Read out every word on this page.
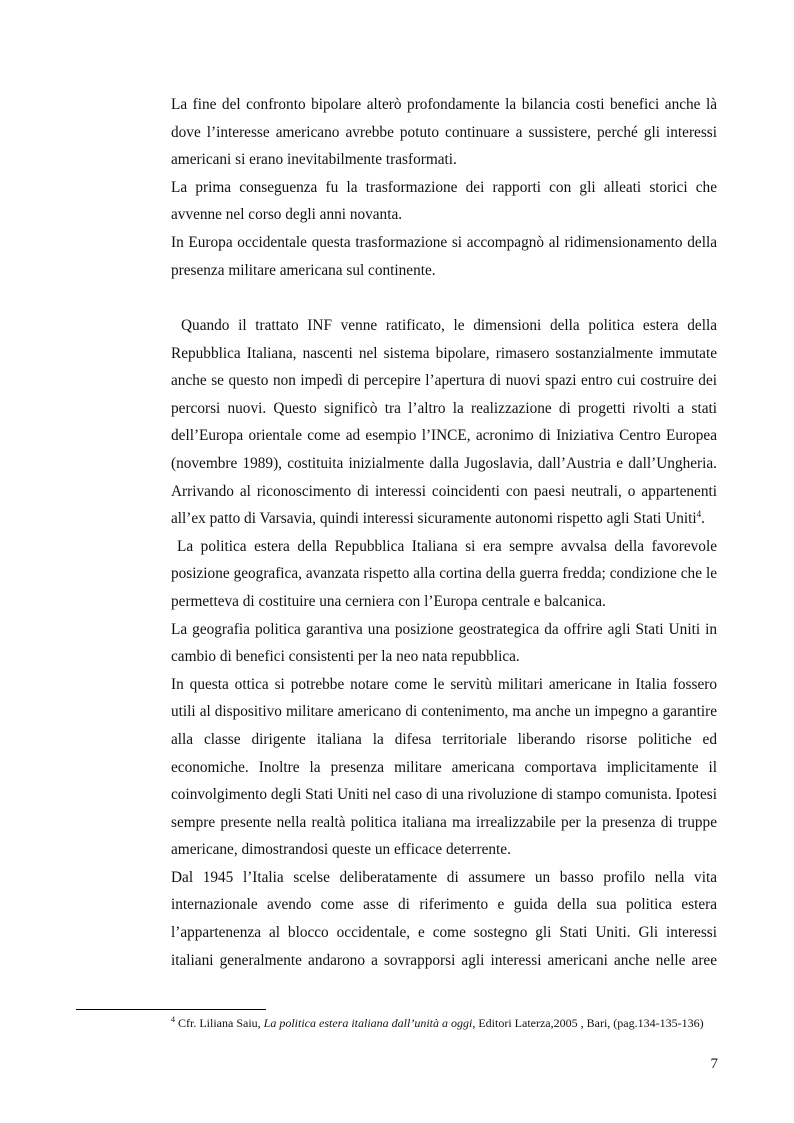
La fine del confronto bipolare alterò profondamente la bilancia costi benefici anche là dove l’interesse americano avrebbe potuto continuare a sussistere, perché gli interessi americani si erano inevitabilmente trasformati.

La prima conseguenza fu la trasformazione dei rapporti con gli alleati storici che avvenne nel corso degli anni novanta.

In Europa occidentale questa trasformazione si accompagnò al ridimensionamento della presenza militare americana sul continente.

Quando il trattato INF venne ratificato, le dimensioni della politica estera della Repubblica Italiana, nascenti nel sistema bipolare, rimasero sostanzialmente immutate anche se questo non impedì di percepire l’apertura di nuovi spazi entro cui costruire dei percorsi nuovi. Questo significò tra l’altro la realizzazione di progetti rivolti a stati dell’Europa orientale come ad esempio l’INCE, acronimo di Iniziativa Centro Europea (novembre 1989), costituita inizialmente dalla Jugoslavia, dall’Austria e dall’Ungheria. Arrivando al riconoscimento di interessi coincidenti con paesi neutrali, o appartenenti all’ex patto di Varsavia, quindi interessi sicuramente autonomi rispetto agli Stati Uniti$^4$.

La politica estera della Repubblica Italiana si era sempre avvalsa della favorevole posizione geografica, avanzata rispetto alla cortina della guerra fredda; condizione che le permetteva di costituire una cerniera con l’Europa centrale e balcanica.

La geografia politica garantiva una posizione geostrategica da offrire agli Stati Uniti in cambio di benefici consistenti per la neo nata repubblica.

In questa ottica si potrebbe notare come le servitù militari americane in Italia fossero utili al dispositivo militare americano di contenimento, ma anche un impegno a garantire alla classe dirigente italiana la difesa territoriale liberando risorse politiche ed economiche. Inoltre la presenza militare americana comportava implicitamente il coinvolgimento degli Stati Uniti nel caso di una rivoluzione di stampo comunista. Ipotesi sempre presente nella realtà politica italiana ma irrealizzabile per la presenza di truppe americane, dimostrandosi queste un efficace deterrente.

Dal 1945 l’Italia scelse deliberatamente di assumere un basso profilo nella vita internazionale avendo come asse di riferimento e guida della sua politica estera l’appartenenza al blocco occidentale, e come sostegno gli Stati Uniti. Gli interessi italiani generalmente andarono a sovrapporsi agli interessi americani anche nelle aree

$^4$ Cfr. Liliana Saiu, La politica estera italiana dall’unità a oggi, Editori Laterza,2005 , Bari, (pag.134-135-136)
7
